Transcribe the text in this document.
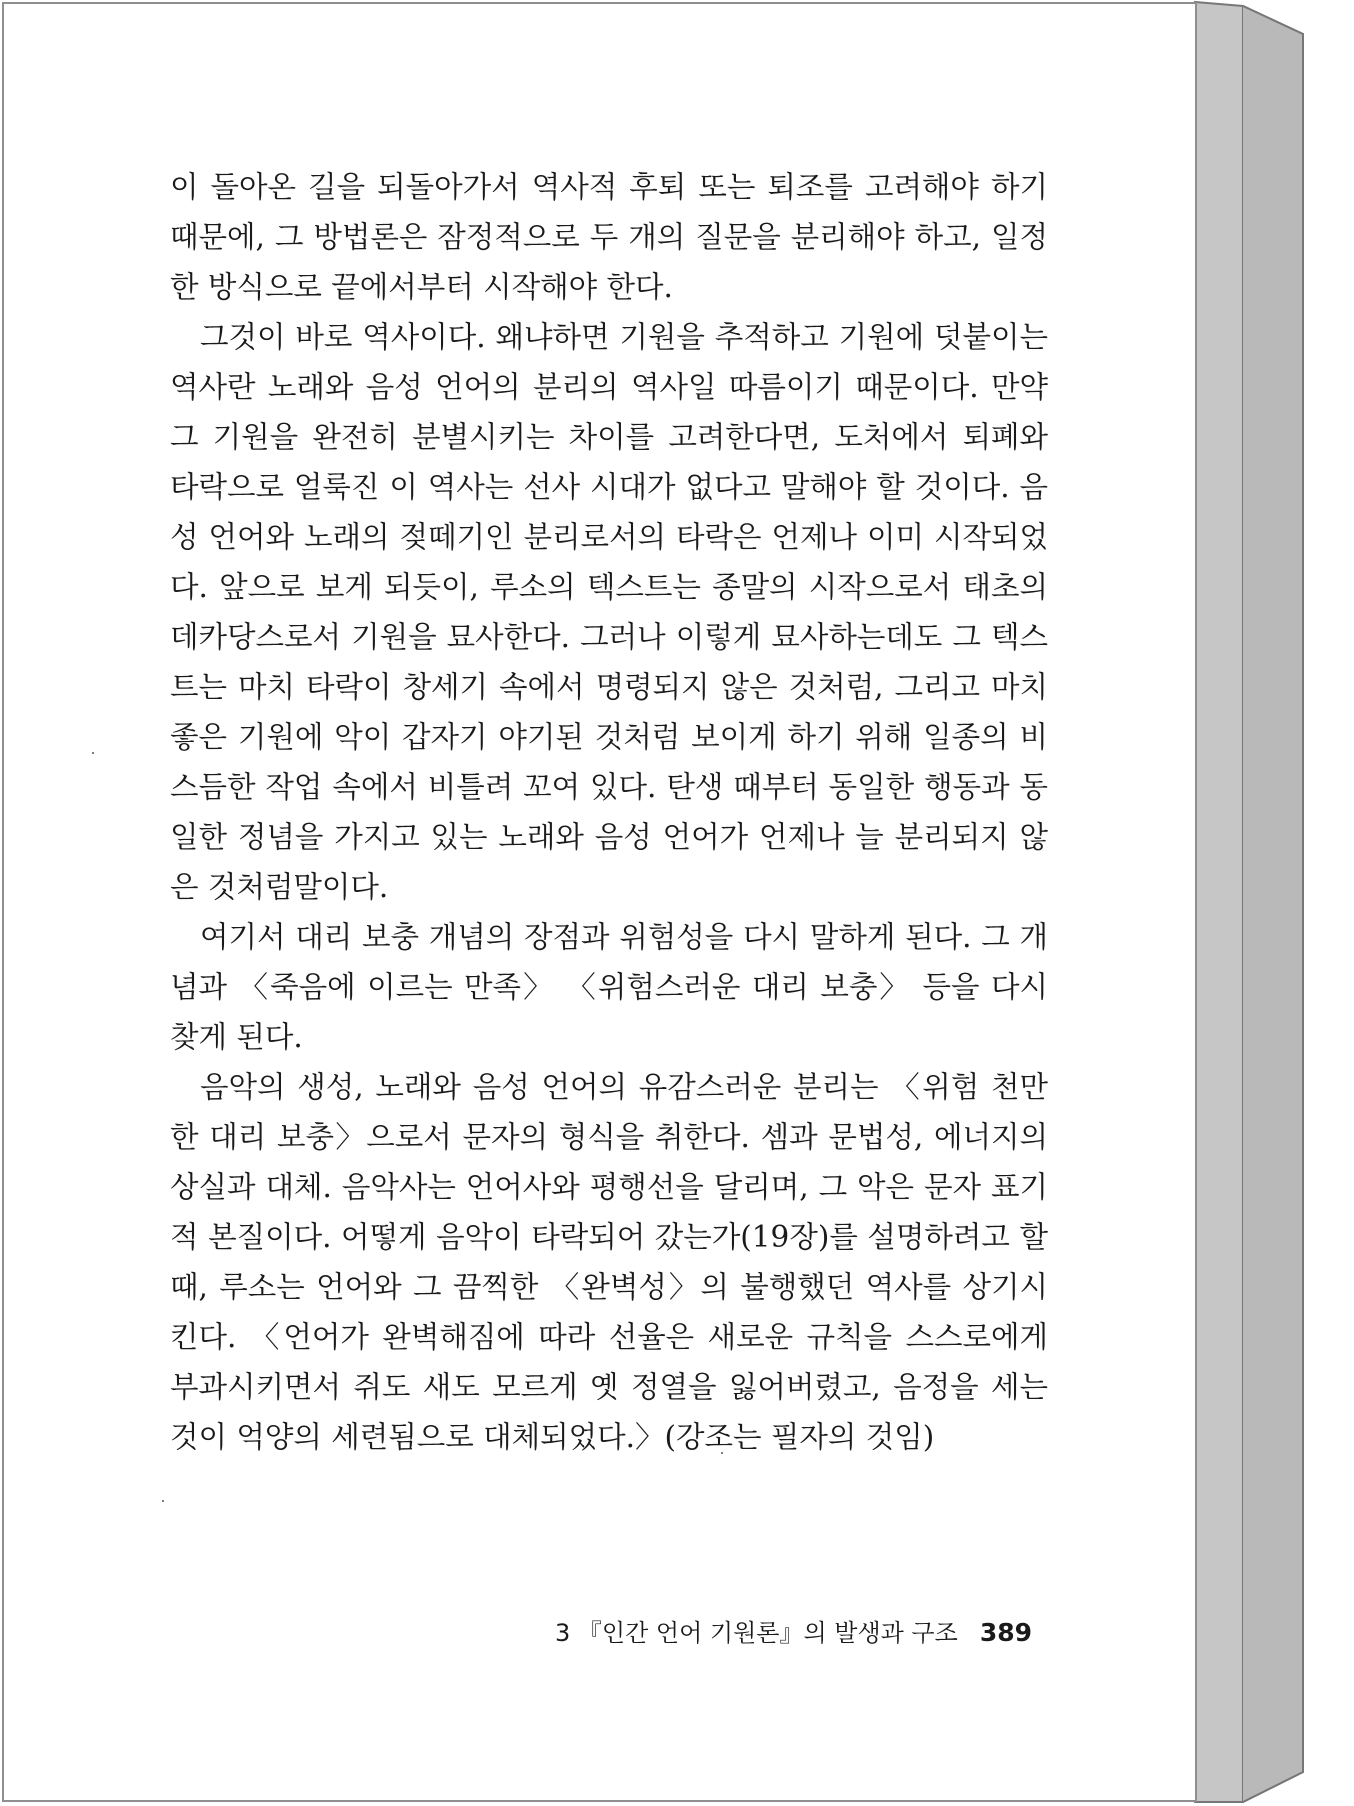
이 돌아온 길을 되돌아가서 역사적 후퇴 또는 퇴조를 고려해야 하기 때문에, 그 방법론은 잠정적으로 두 개의 질문을 분리해야 하고, 일정한 방식으로 끝에서부터 시작해야 한다.

그것이 바로 역사이다. 왜냐하면 기원을 추적하고 기원에 덧붙이는 역사란 노래와 음성 언어의 분리의 역사일 따름이기 때문이다. 만약 그 기원을 완전히 분별시키는 차이를 고려한다면, 도처에서 퇴폐와 타락으로 얼룩진 이 역사는 선사 시대가 없다고 말해야 할 것이다. 음성 언어와 노래의 젖떼기인 분리로서의 타락은 언제나 이미 시작되었다. 앞으로 보게 되듯이, 루소의 텍스트는 종말의 시작으로서 태초의 데카당스로서 기원을 묘사한다. 그러나 이렇게 묘사하는데도 그 텍스트는 마치 타락이 창세기 속에서 명령되지 않은 것처럼, 그리고 마치 좋은 기원에 악이 갑자기 야기된 것처럼 보이게 하기 위해 일종의 비스듬한 작업 속에서 비틀려 꼬여 있다. 탄생 때부터 동일한 행동과 동일한 정념을 가지고 있는 노래와 음성 언어가 언제나 늘 분리되지 않은 것처럼말이다.

여기서 대리 보충 개념의 장점과 위험성을 다시 말하게 된다. 그 개념과 〈죽음에 이르는 만족〉 〈위험스러운 대리 보충〉 등을 다시 찾게 된다.

음악의 생성, 노래와 음성 언어의 유감스러운 분리는 〈위험 천만한 대리 보충〉으로서 문자의 형식을 취한다. 셈과 문법성, 에너지의 상실과 대체. 음악사는 언어사와 평행선을 달리며, 그 악은 문자 표기적 본질이다. 어떻게 음악이 타락되어 갔는가(19장)를 설명하려고 할 때, 루소는 언어와 그 끔찍한 〈완벽성〉의 불행했던 역사를 상기시킨다. 〈언어가 완벽해짐에 따라 선율은 새로운 규칙을 스스로에게 부과시키면서 쥐도 새도 모르게 옛 정열을 잃어버렸고, 음정을 세는 것이 억양의 세련됨으로 대체되었다.〉(강조는 필자의 것임)

3 『인간 언어 기원론』의 발생과 구조 389
